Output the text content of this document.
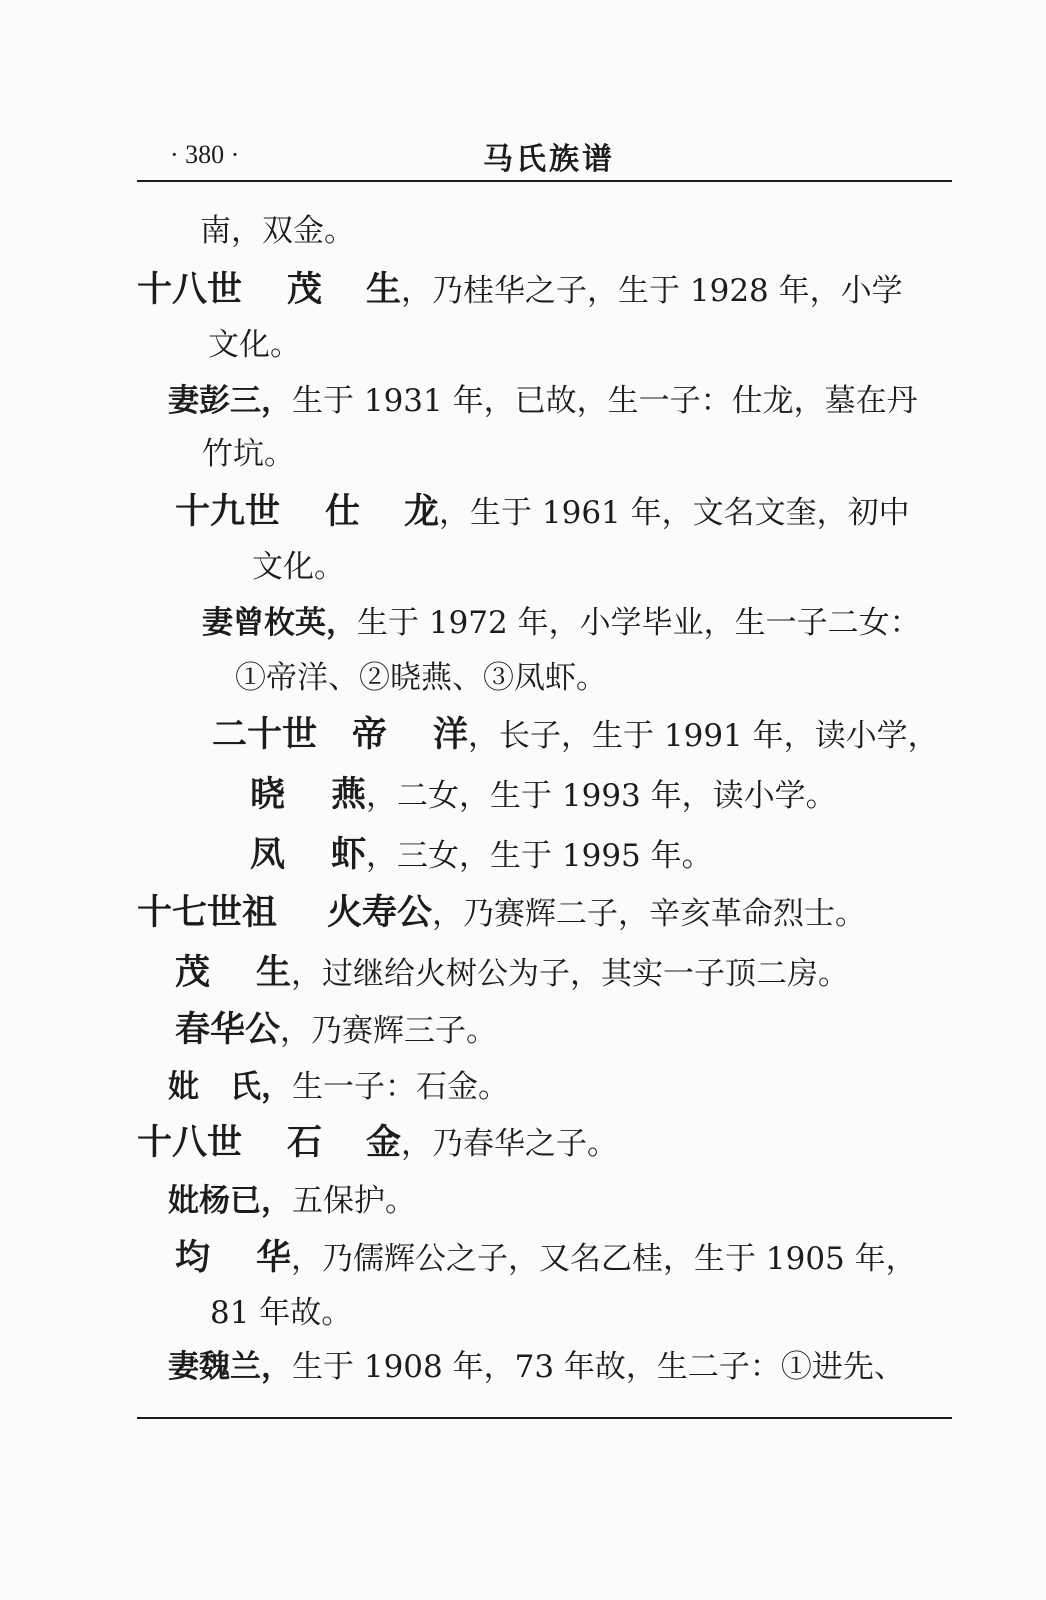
· 380 ·	马氏族谱
南，双金。
十八世 茂生，乃桂华之子，生于 1928 年，小学
文化。
妻彭三，生于 1931 年，已故，生一子：仕龙，墓在丹
竹坑。
十九世 仕龙，生于 1961 年，文名文奎，初中
文化。
妻曾枚英，生于 1972 年，小学毕业，生一子二女：
①帝洋、②晓燕、③凤虾。
二十世 帝洋，长子，生于 1991 年，读小学，
晓燕，二女，生于 1993 年，读小学。
凤虾，三女，生于 1995 年。
十七世祖 火寿公，乃赛辉二子，辛亥革命烈士。
茂生，过继给火树公为子，其实一子顶二房。
春华公，乃赛辉三子。
妣　氏，生一子：石金。
十八世 石金，乃春华之子。
妣杨已，五保护。
均华，乃儒辉公之子，又名乙桂，生于 1905 年，
81 年故。
妻魏兰，生于 1908 年，73 年故，生二子：①进先、
